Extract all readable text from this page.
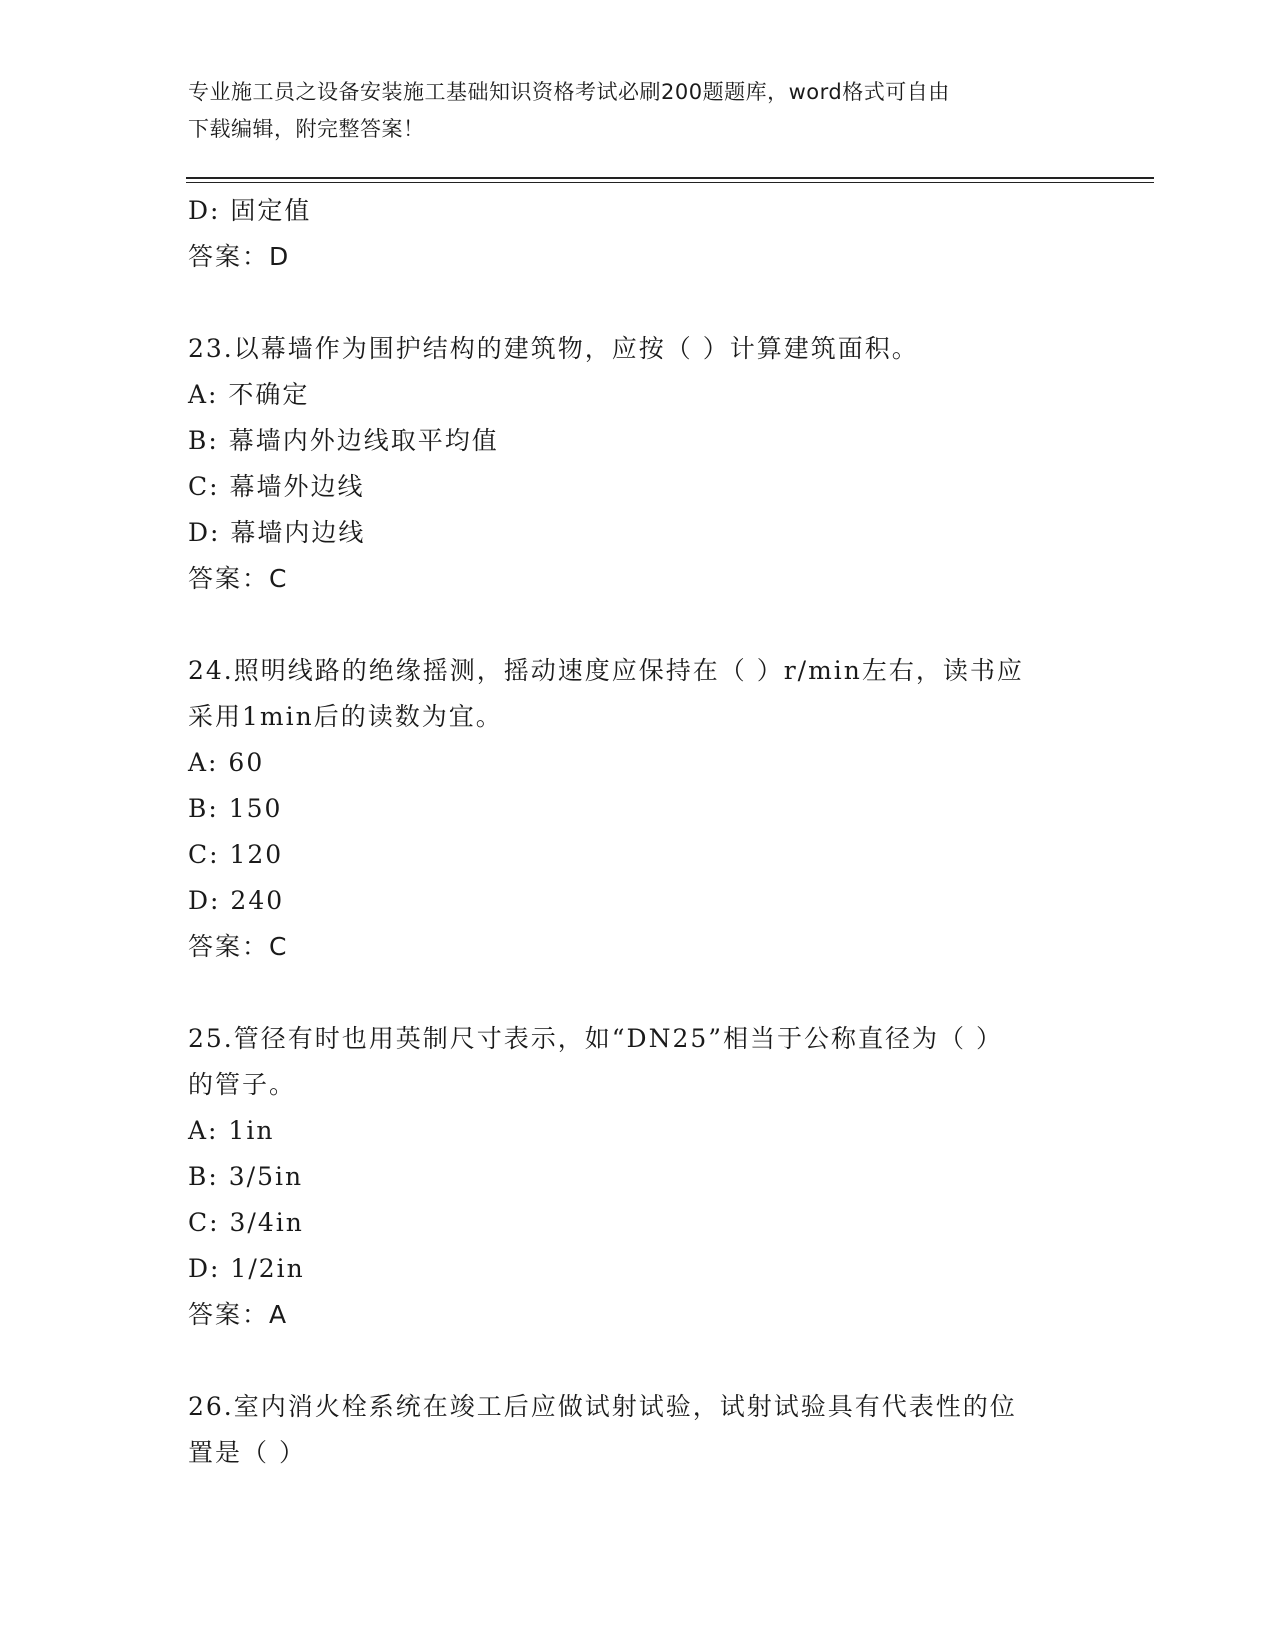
专业施工员之设备安装施工基础知识资格考试必刷200题题库，word格式可自由
下载编辑，附完整答案！
D: 固定值
答案：D
23.以幕墙作为围护结构的建筑物，应按（ ）计算建筑面积。
A: 不确定
B: 幕墙内外边线取平均值
C: 幕墙外边线
D: 幕墙内边线
答案：C
24.照明线路的绝缘摇测，摇动速度应保持在（ ）r/min左右，读书应
采用1min后的读数为宜。
A: 60
B: 150
C: 120
D: 240
答案：C
25.管径有时也用英制尺寸表示，如“DN25”相当于公称直径为（ ）
的管子。
A: 1in
B: 3/5in
C: 3/4in
D: 1/2in
答案：A
26.室内消火栓系统在竣工后应做试射试验，试射试验具有代表性的位
置是（ ）
